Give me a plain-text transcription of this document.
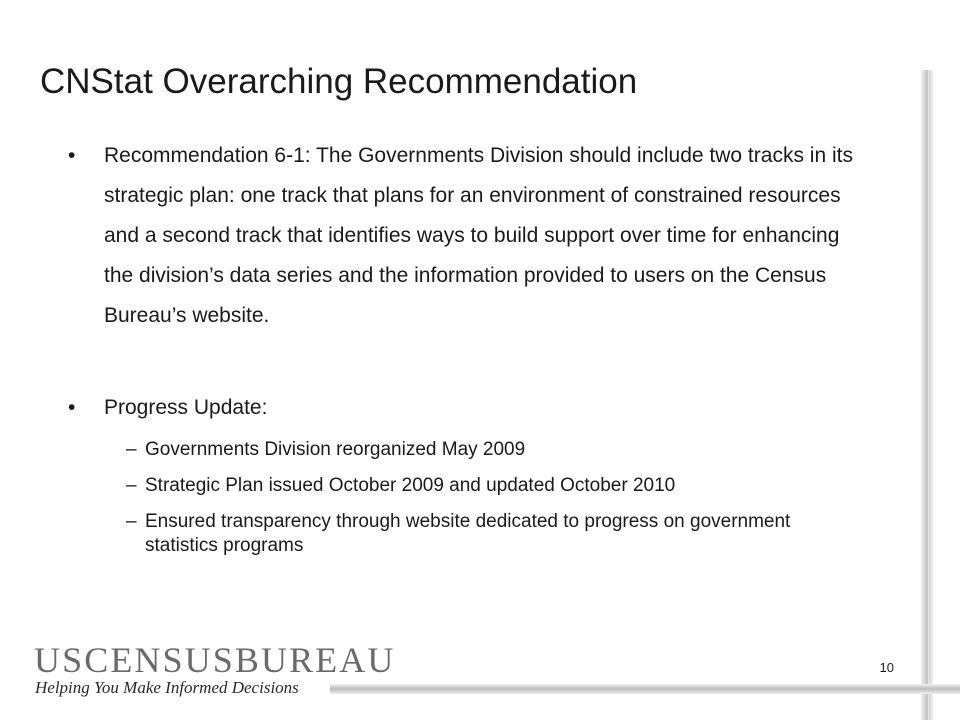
CNStat Overarching Recommendation
•	Recommendation 6-1: The Governments Division should include two tracks in its strategic plan: one track that plans for an environment of constrained resources and a second track that identifies ways to build support over time for enhancing the division’s data series and the information provided to users on the Census Bureau’s website.
•	Progress Update:
– Governments Division reorganized May 2009
– Strategic Plan issued October 2009 and updated October 2010
– Ensured transparency through website dedicated to progress on government statistics programs
USCENSUSBUREAU
Helping You Make Informed Decisions
10
